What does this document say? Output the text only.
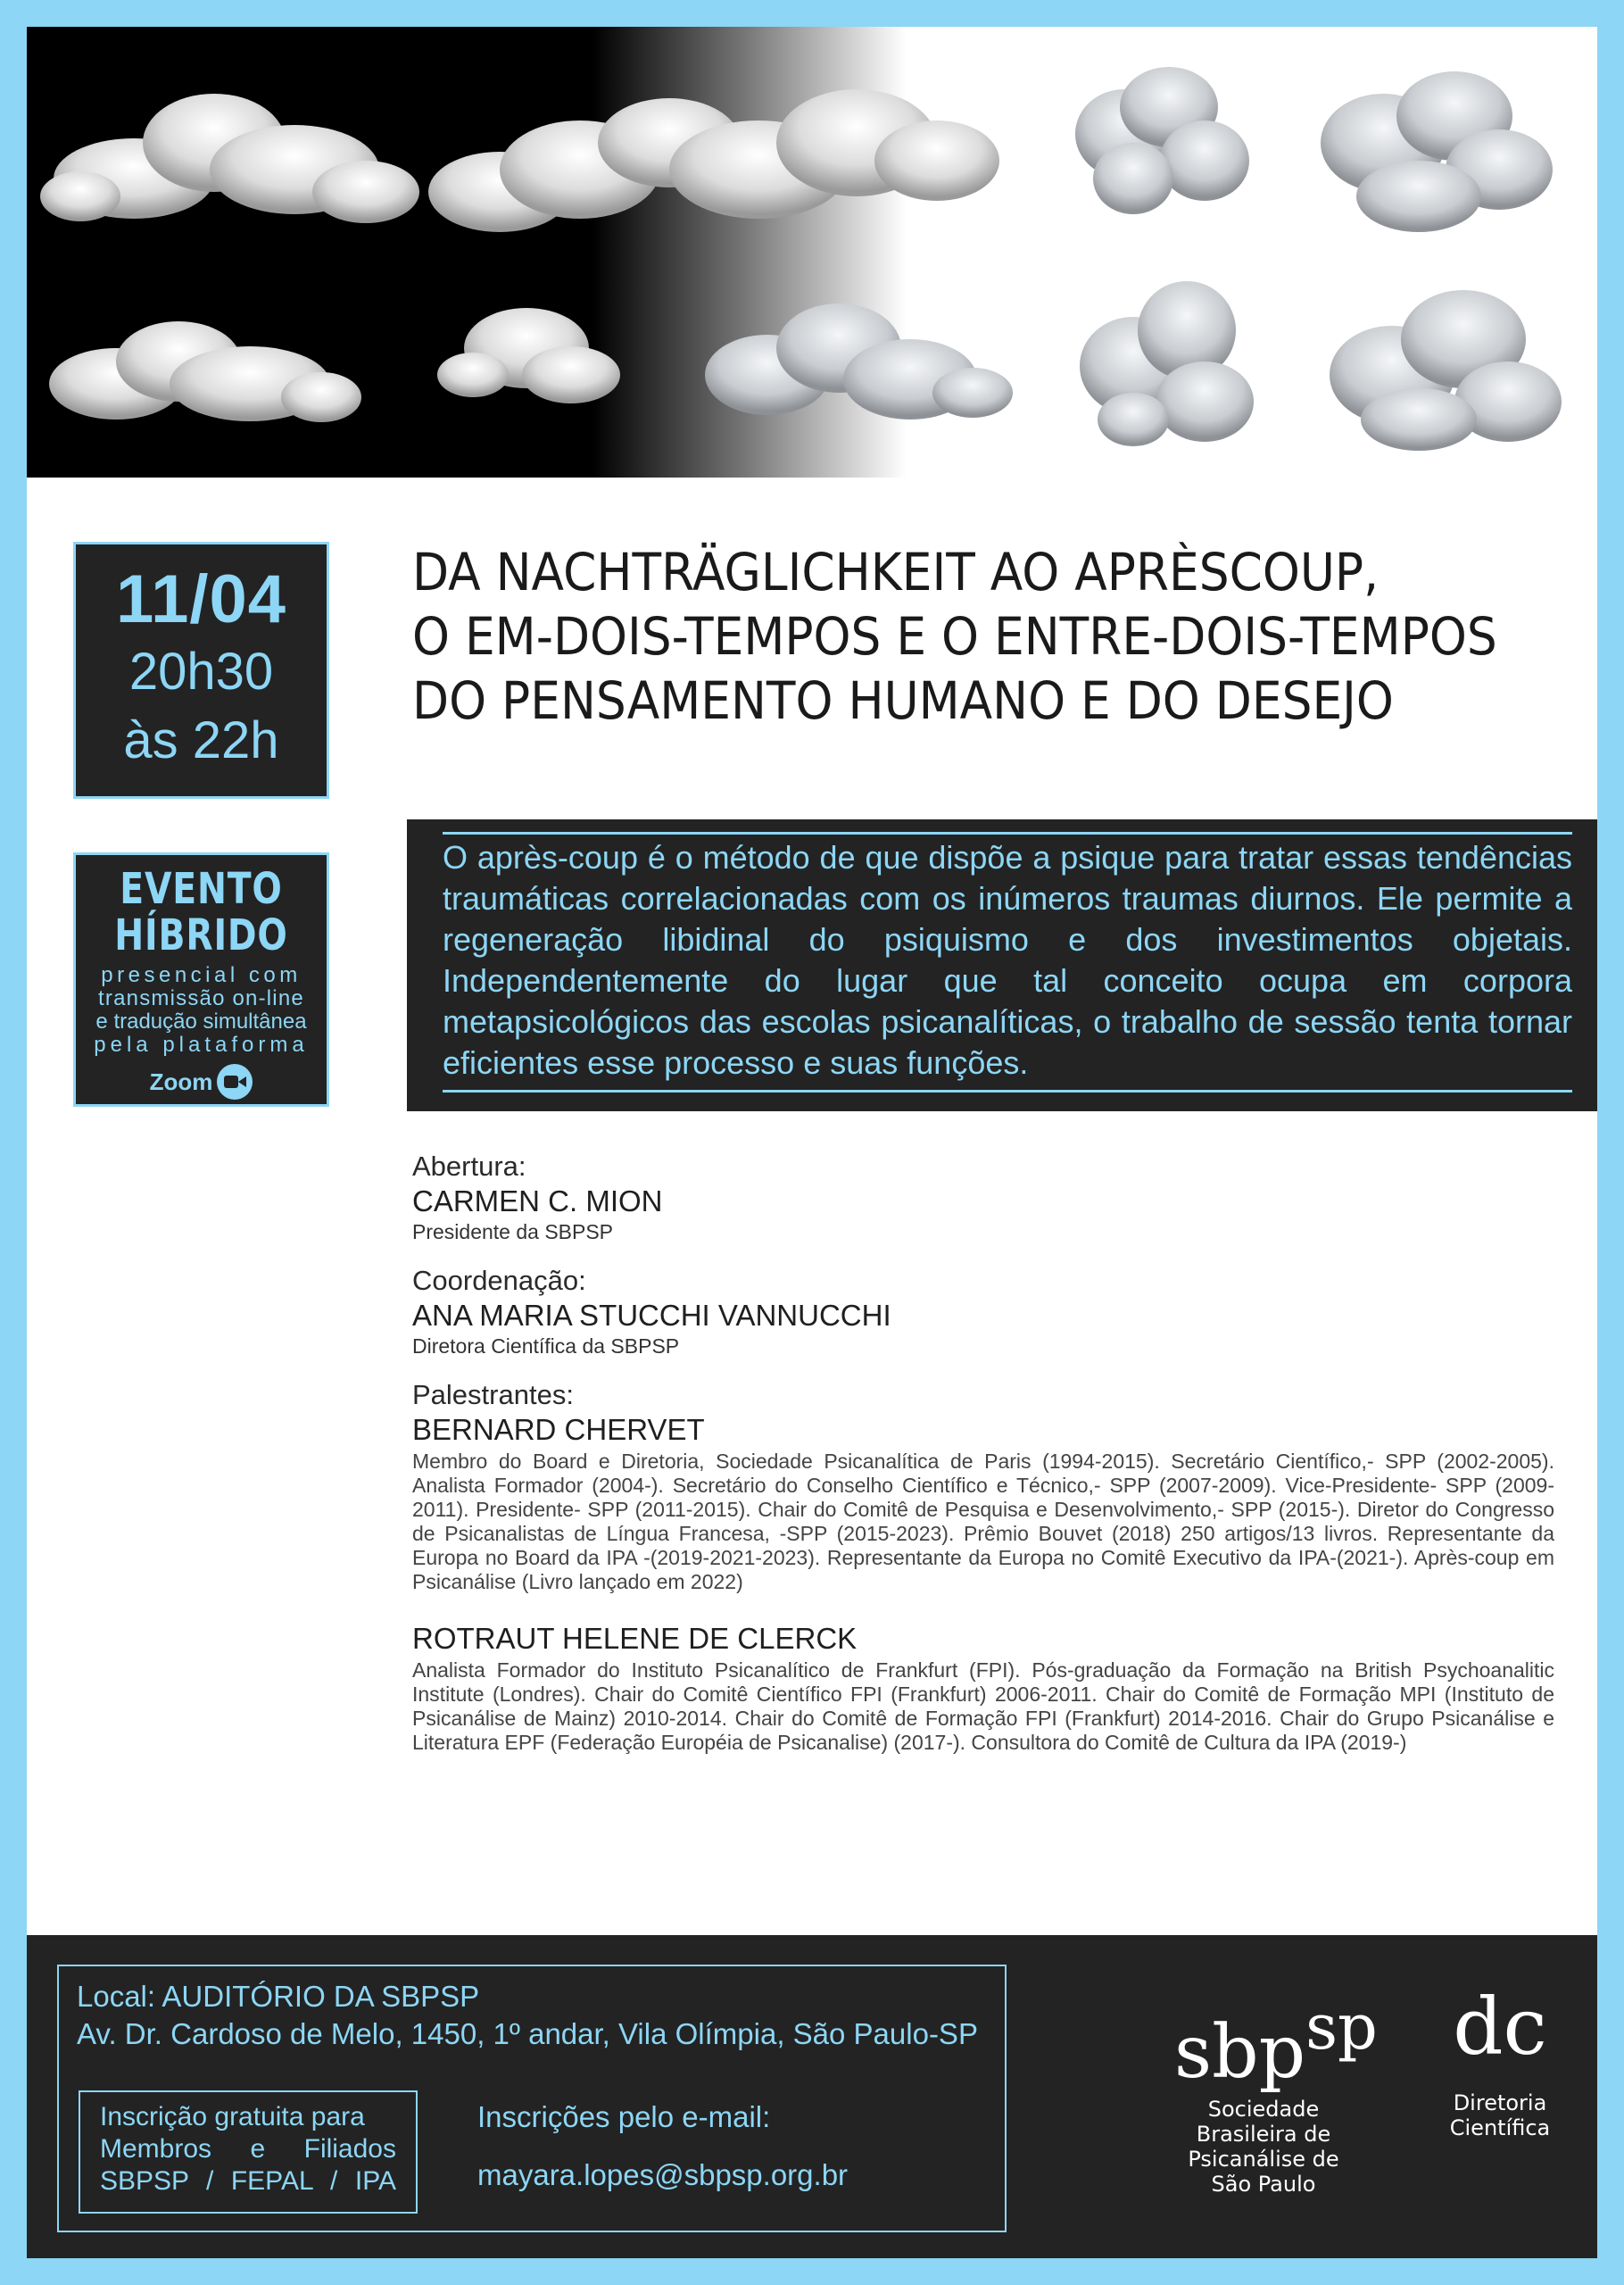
11/04
20h30
às 22h
EVENTO
HÍBRIDO
presencial com
transmissão on-line
e tradução simultânea
pela plataforma
Zoom
DA NACHTRÄGLICHKEIT AO APRÈSCOUP,
O EM-DOIS-TEMPOS E O ENTRE-DOIS-TEMPOS
DO PENSAMENTO HUMANO E DO DESEJO
O après-coup é o método de que dispõe a psique para tratar essas tendências traumáticas correlacionadas com os inúmeros traumas diurnos. Ele permite a regeneração libidinal do psiquismo e dos investimentos objetais. Independentemente do lugar que tal conceito ocupa em corpora metapsicológicos das escolas psicanalíticas, o trabalho de sessão tenta tornar eficientes esse processo e suas funções.
Abertura:
CARMEN C. MION
Presidente da SBPSP
Coordenação:
ANA MARIA STUCCHI VANNUCCHI
Diretora Científica da SBPSP
Palestrantes:
BERNARD CHERVET
Membro do Board e Diretoria, Sociedade Psicanalítica de Paris (1994-2015). Secretário Científico,- SPP (2002-2005). Analista Formador (2004-). Secretário do Conselho Científico e Técnico,- SPP (2007-2009). Vice-Presidente- SPP (2009-2011). Presidente- SPP (2011-2015). Chair do Comitê de Pesquisa e Desenvolvimento,- SPP (2015-). Diretor do Congresso de Psicanalistas de Língua Francesa, -SPP (2015-2023). Prêmio Bouvet (2018) 250 artigos/13 livros. Representante da Europa no Board da IPA -(2019-2021-2023). Representante da Europa no Comitê Executivo da IPA-(2021-). Après-coup em Psicanálise (Livro lançado em 2022)
ROTRAUT HELENE DE CLERCK
Analista Formador do Instituto Psicanalítico de Frankfurt (FPI). Pós-graduação da Formação na British Psychoanalitic Institute (Londres). Chair do Comitê Científico FPI (Frankfurt) 2006-2011. Chair do Comitê de Formação MPI (Instituto de Psicanálise de Mainz) 2010-2014. Chair do Comitê de Formação FPI (Frankfurt) 2014-2016. Chair do Grupo Psicanálise e Literatura EPF (Federação Européia de Psicanalise) (2017-). Consultora do Comitê de Cultura da IPA (2019-)
Local: AUDITÓRIO DA SBPSP
Av. Dr. Cardoso de Melo, 1450, 1º andar, Vila Olímpia, São Paulo-SP
Inscrição gratuita para
Membros e Filiados
SBPSP / FEPAL / IPA
Inscrições pelo e-mail:
mayara.lopes@sbpsp.org.br
sbp$^{sp}$
Sociedade
Brasileira de
Psicanálise de
São Paulo
dc
Diretoria
Científica
